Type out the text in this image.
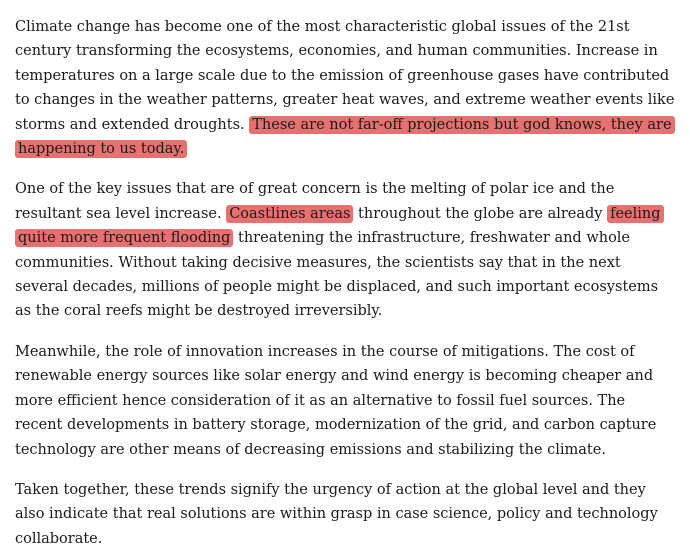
Climate change has become one of the most characteristic global issues of the 21st century transforming the ecosystems, economies, and human communities. Increase in temperatures on a large scale due to the emission of greenhouse gases have contributed to changes in the weather patterns, greater heat waves, and extreme weather events like storms and extended droughts. These are not far-off projections but god knows, they are happening to us today.

One of the key issues that are of great concern is the melting of polar ice and the resultant sea level increase. Coastlines areas throughout the globe are already feeling quite more frequent flooding threatening the infrastructure, freshwater and whole communities. Without taking decisive measures, the scientists say that in the next several decades, millions of people might be displaced, and such important ecosystems as the coral reefs might be destroyed irreversibly.

Meanwhile, the role of innovation increases in the course of mitigations. The cost of renewable energy sources like solar energy and wind energy is becoming cheaper and more efficient hence consideration of it as an alternative to fossil fuel sources. The recent developments in battery storage, modernization of the grid, and carbon capture technology are other means of decreasing emissions and stabilizing the climate.

Taken together, these trends signify the urgency of action at the global level and they also indicate that real solutions are within grasp in case science, policy and technology collaborate.
